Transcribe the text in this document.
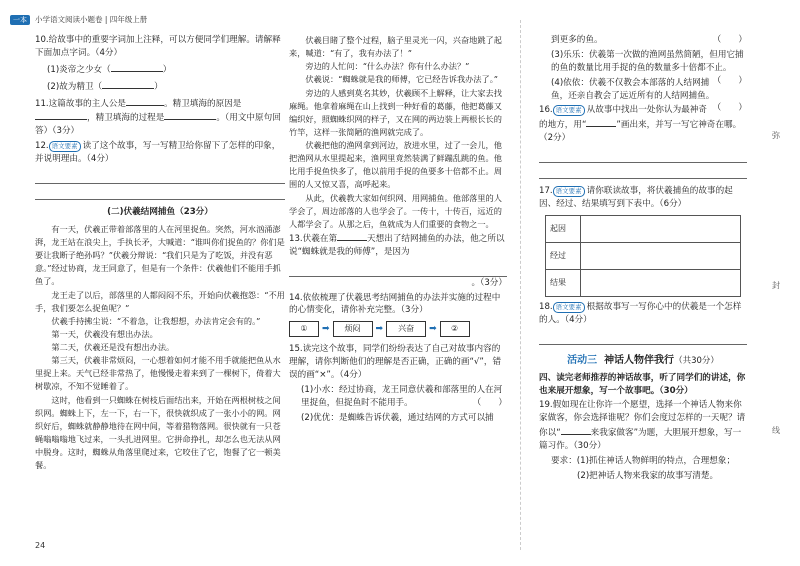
一本	小学语文阅读小题卷 | 四年级上册

10.给故事中的重要字词加上注释，可以方便同学们理解。请解释下面加点字词。（4分）

(1)炎帝之少女（	）

(2)故为精卫（	）

11.这篇故事的主人公是	。精卫填海的原因是，精卫填海的过程是	。（用文中原句回答）（3分）

12. 语文要素 读了这个故事，写一写精卫给你留下了怎样的印象，并说明理由。（4分）

(二)伏羲结网捕鱼（23分）

有一天，伏羲正带着部落里的人在河里捉鱼。突然，河水汹涌澎湃，龙王站在浪尖上，手执长矛，大喊道：“谁叫你们捉鱼的？你们是要让我断子绝孙吗？”伏羲分辩说：“我们只是为了吃饭，并没有恶意。”经过协商，龙王同意了，但是有一个条件：伏羲他们不能用手抓鱼了。

龙王走了以后，部落里的人都闷闷不乐，开始向伏羲抱怨：“不用手，我们要怎么捉鱼呢？”

伏羲手持拂尘说：“不着急，让我想想，办法肯定会有的。”

第一天，伏羲没有想出办法。

第二天，伏羲还是没有想出办法。

第三天，伏羲非常烦闷，一心想着如何才能不用手就能把鱼从水里捉上来。天气已经非常热了，他慢慢走着来到了一棵树下，倚着大树歇凉，不知不觉睡着了。

这时，他看到一只蜘蛛在树枝后面结出来，开始在两根树枝之间织网。蜘蛛上下，左一下，右一下，很快就织成了一张小小的网。网织好后，蜘蛛就静静地待在网中间，等着猎物落网。很快就有一只苍蝇嗡嗡嗡地飞过来，一头扎进网里。它拼命挣扎，却怎么也无法从网中脱身。这时，蜘蛛从角落里爬过来，它咬住了它，饱餐了它一顿美餐。

伏羲目睹了整个过程，脑子里灵光一闪，兴奋地跳了起来，喊道：“有了，我有办法了！”

旁边的人忙问：“什么办法？你有什么办法？”

伏羲说：“蜘蛛就是我的师傅，它已经告诉我办法了。”

旁边的人感到莫名其妙，伏羲顾不上解释，让大家去找麻绳。他拿着麻绳在山上找到一种好看的葛藤，他把葛藤又编织好，照蜘蛛织网的样子，又在网的两边装上两根长长的竹竿，这样一张简陋的渔网就完成了。

伏羲把他的渔网拿到河边，放进水里，过了一会儿，他把渔网从水里提起来，渔网里竟然装满了鲜蹦乱跳的鱼。他比用手捉鱼快多了，他以前用手捉的鱼要多十倍都不止。周围的人又惊又喜，高呼起来。

从此，伏羲教大家如何织网、用网捕鱼。他部落里的人学会了，周边部落的人也学会了。一传十，十传百，远近的人都学会了。从那之后，鱼就成为人们重要的食物之一。

13.伏羲在第	天想出了结网捕鱼的办法，他之所以说“蜘蛛就是我的师傅”，是因为

。（3分）

14.依依梳理了伏羲思考结网捕鱼的办法并实施的过程中的心情变化，请你补充完整。（3分）

①	➡	烦闷	➡	兴奋	➡	②

15.读完这个故事，同学们纷纷表达了自己对故事内容的理解，请你判断他们的理解是否正确，正确的画“√”，错误的画“×”。（4分）

(1)小水：经过协商，龙王同意伏羲和部落里的人在河里捉鱼，但捉鱼时不能用手。	（　　）

(2)优优：是蜘蛛告诉伏羲，通过结网的方式可以捕

到更多的鱼。	（　　）

(3)乐乐：伏羲第一次做的渔网虽然简陋，但用它捕的鱼的数量比用手捉的鱼的数量多十倍都不止。
（　　）

(4)依依：伏羲不仅教会本部落的人结网捕鱼，还亲自教会了远近所有的人结网捕鱼。
（　　）

16. 语文要素 从故事中找出一处你认为最神奇的地方，用“	”画出来，并写一写它神奇在哪。（2分）

17. 语文要素 请你联读故事，将伏羲捕鱼的故事的起因、经过、结果填写到下表中。（6分）

起因	
经过	
结果	

18. 语文要素 根据故事写一写你心中的伏羲是一个怎样的人。（4分）

活动三 神话人物伴我行（共30分）

四、读完老师推荐的神话故事，听了同学们的讲述，你也来展开想象，写一个故事吧。（30分）

19.假如现在让你许一个愿望，选择一个神话人物来你家做客，你会选择谁呢？你们会度过怎样的一天呢？请你以“	来我家做客”为题，大胆展开想象，写一篇习作。（30分）

要求：(1)抓住神话人物鲜明的特点，合理想象；

(2)把神话人物来我家的故事写清楚。

弥
封
线
24
